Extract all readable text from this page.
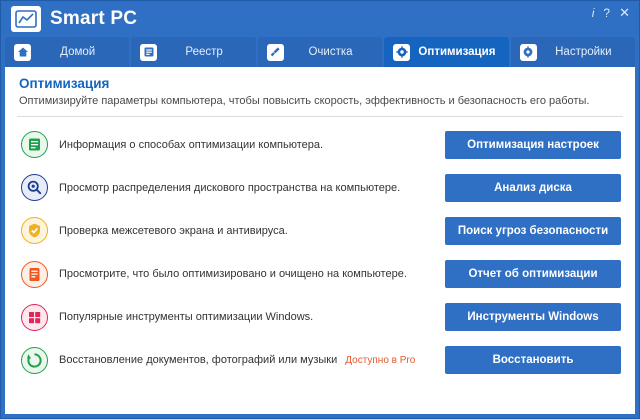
Smart PC	i ? ✕
Домой	Реестр	Очистка	Оптимизация	Настройки
Оптимизация
Оптимизируйте параметры компьютера, чтобы повысить скорость, эффективность и безопасность его работы.
Информация о способах оптимизации компьютера.	Оптимизация настроек
Просмотр распределения дискового пространства на компьютере.	Анализ диска
Проверка межсетевого экрана и антивируса.	Поиск угроз безопасности
Просмотрите, что было оптимизировано и очищено на компьютере.	Отчет об оптимизации
Популярные инструменты оптимизации Windows.	Инструменты Windows
Восстановление документов, фотографий или музыки Доступно в Pro	Восстановить
